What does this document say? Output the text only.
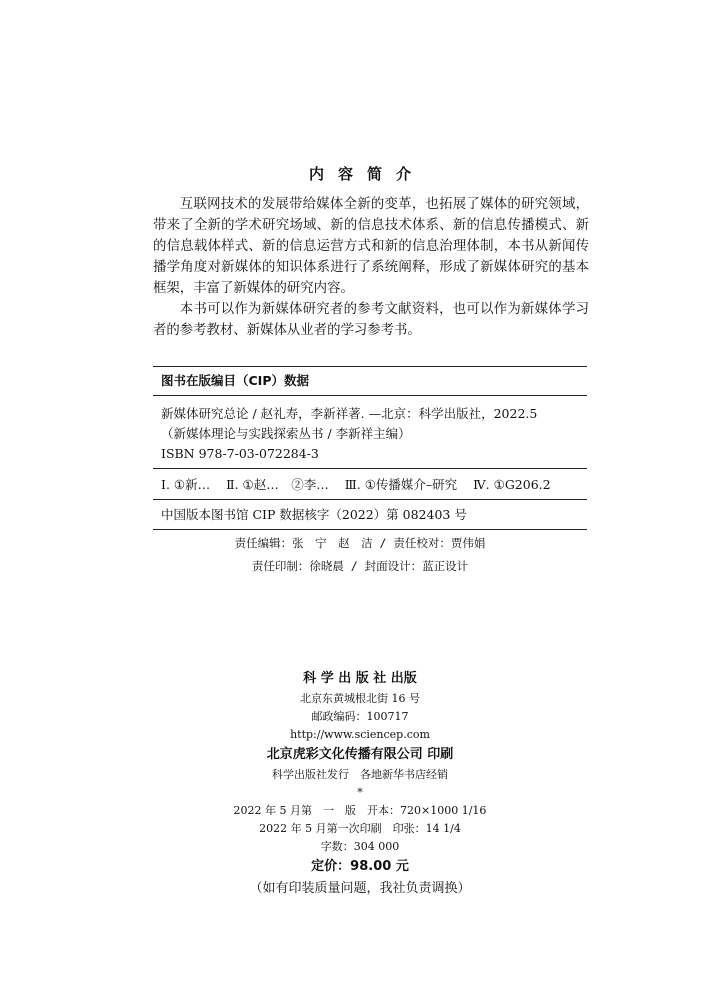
内容简介

互联网技术的发展带给媒体全新的变革，也拓展了媒体的研究领域，带来了全新的学术研究场域、新的信息技术体系、新的信息传播模式、新的信息载体样式、新的信息运营方式和新的信息治理体制，本书从新闻传播学角度对新媒体的知识体系进行了系统阐释，形成了新媒体研究的基本框架，丰富了新媒体的研究内容。

本书可以作为新媒体研究者的参考文献资料，也可以作为新媒体学习者的参考教材、新媒体从业者的学习参考书。

图书在版编目（CIP）数据
新媒体研究总论 / 赵礼寿，李新祥著. —北京：科学出版社，2022.5
（新媒体理论与实践探索丛书 / 李新祥主编）
ISBN 978-7-03-072284-3
Ⅰ. ①新… Ⅱ. ①赵…　②李… Ⅲ. ①传播媒介–研究 Ⅳ. ①G206.2
中国版本图书馆 CIP 数据核字（2022）第 082403 号
责任编辑：张　宁　赵　洁 / 责任校对：贾伟娟
责任印制：徐晓晨 / 封面设计：蓝正设计
科 学 出 版 社 出版
北京东黄城根北街 16 号
邮政编码：100717
http://www.sciencep.com
北京虎彩文化传播有限公司 印刷
科学出版社发行　各地新华书店经销
*
2022 年 5 月第　一　版　开本：720×1000 1/16
2022 年 5 月第一次印刷　印张：14 1/4
字数：304 000
定价：98.00 元
（如有印装质量问题，我社负责调换）
